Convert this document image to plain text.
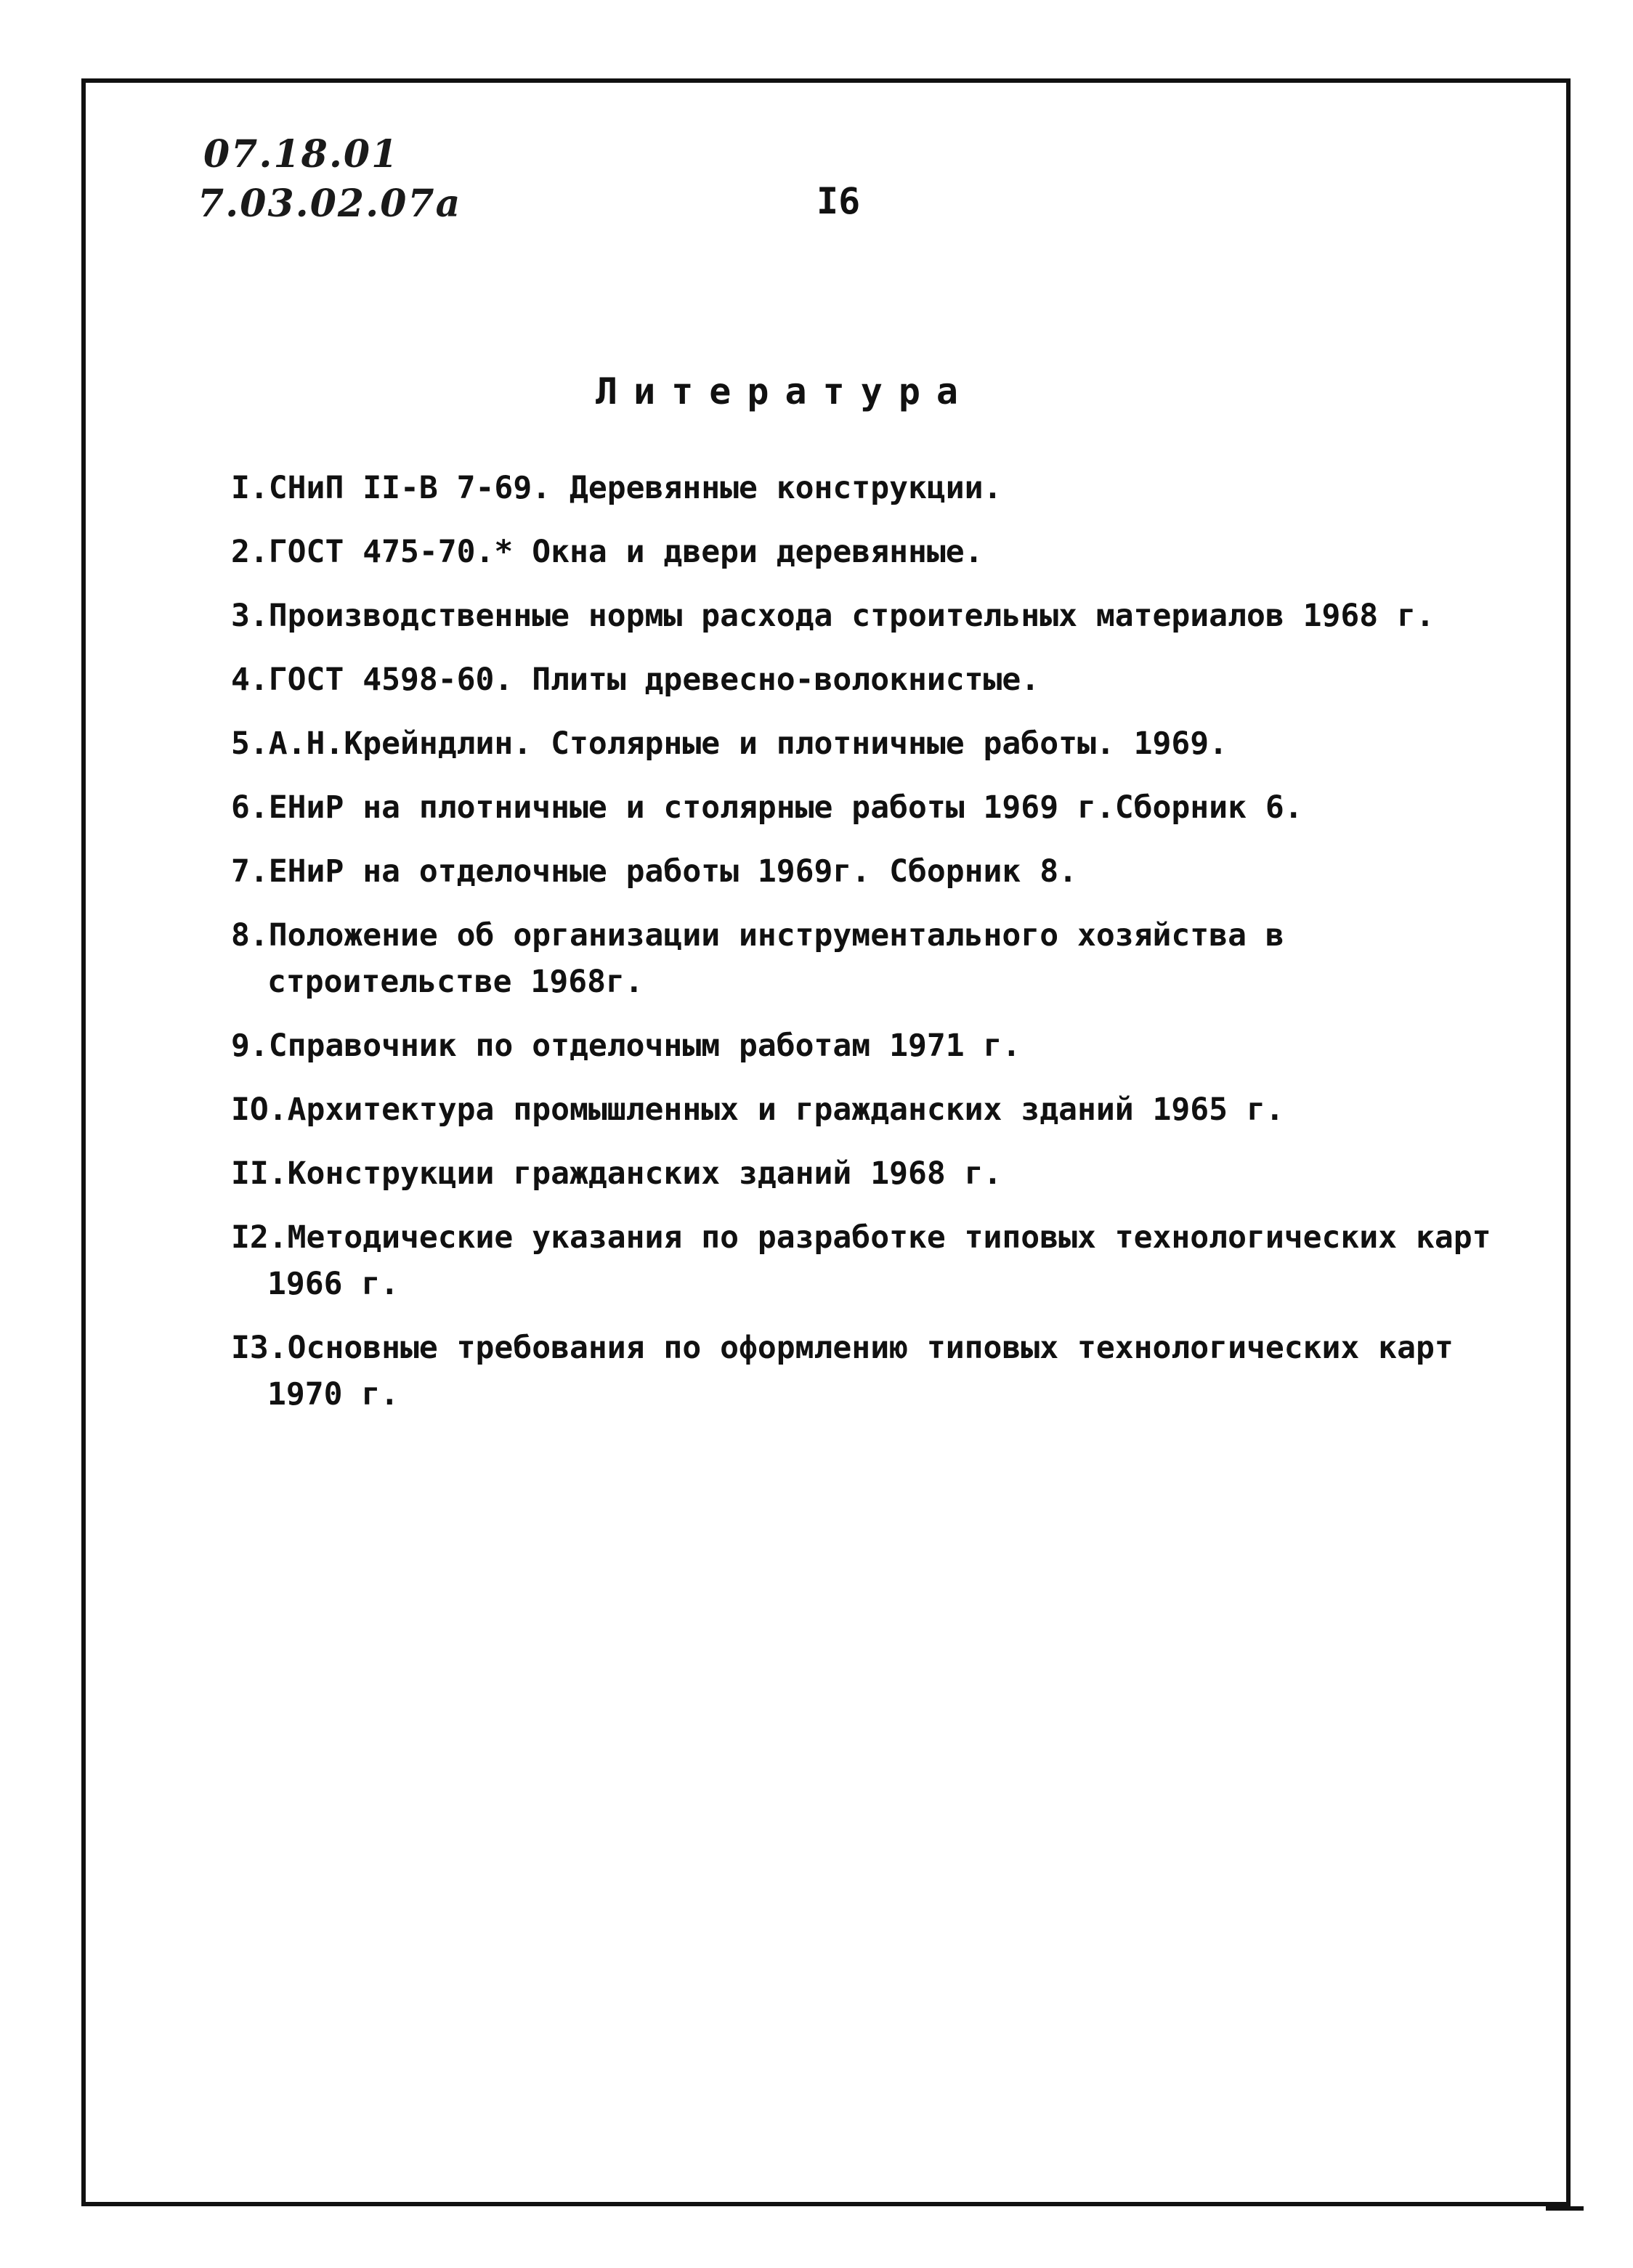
07.18.01
7.03.02.07а	I6
Литература
I.СНиП II-В 7-69. Деревянные конструкции.
2.ГОСТ 475-70.* Окна и двери деревянные.
3.Производственные нормы расхода строительных материалов 1968 г.
4.ГОСТ 4598-60. Плиты древесно-волокнистые.
5.А.Н.Крейндлин. Столярные и плотничные работы. 1969.
6.ЕНиР на плотничные и столярные работы 1969 г.Сборник 6.
7.ЕНиР на отделочные работы 1969г. Сборник 8.
8.Положение об организации инструментального хозяйства в строительстве 1968г.
9.Справочник по отделочным работам 1971 г.
IO.Архитектура промышленных и гражданских зданий 1965 г.
II.Конструкции гражданских зданий 1968 г.
I2.Методические указания по разработке типовых технологических карт 1966 г.
I3.Основные требования по оформлению типовых технологических карт 1970 г.
